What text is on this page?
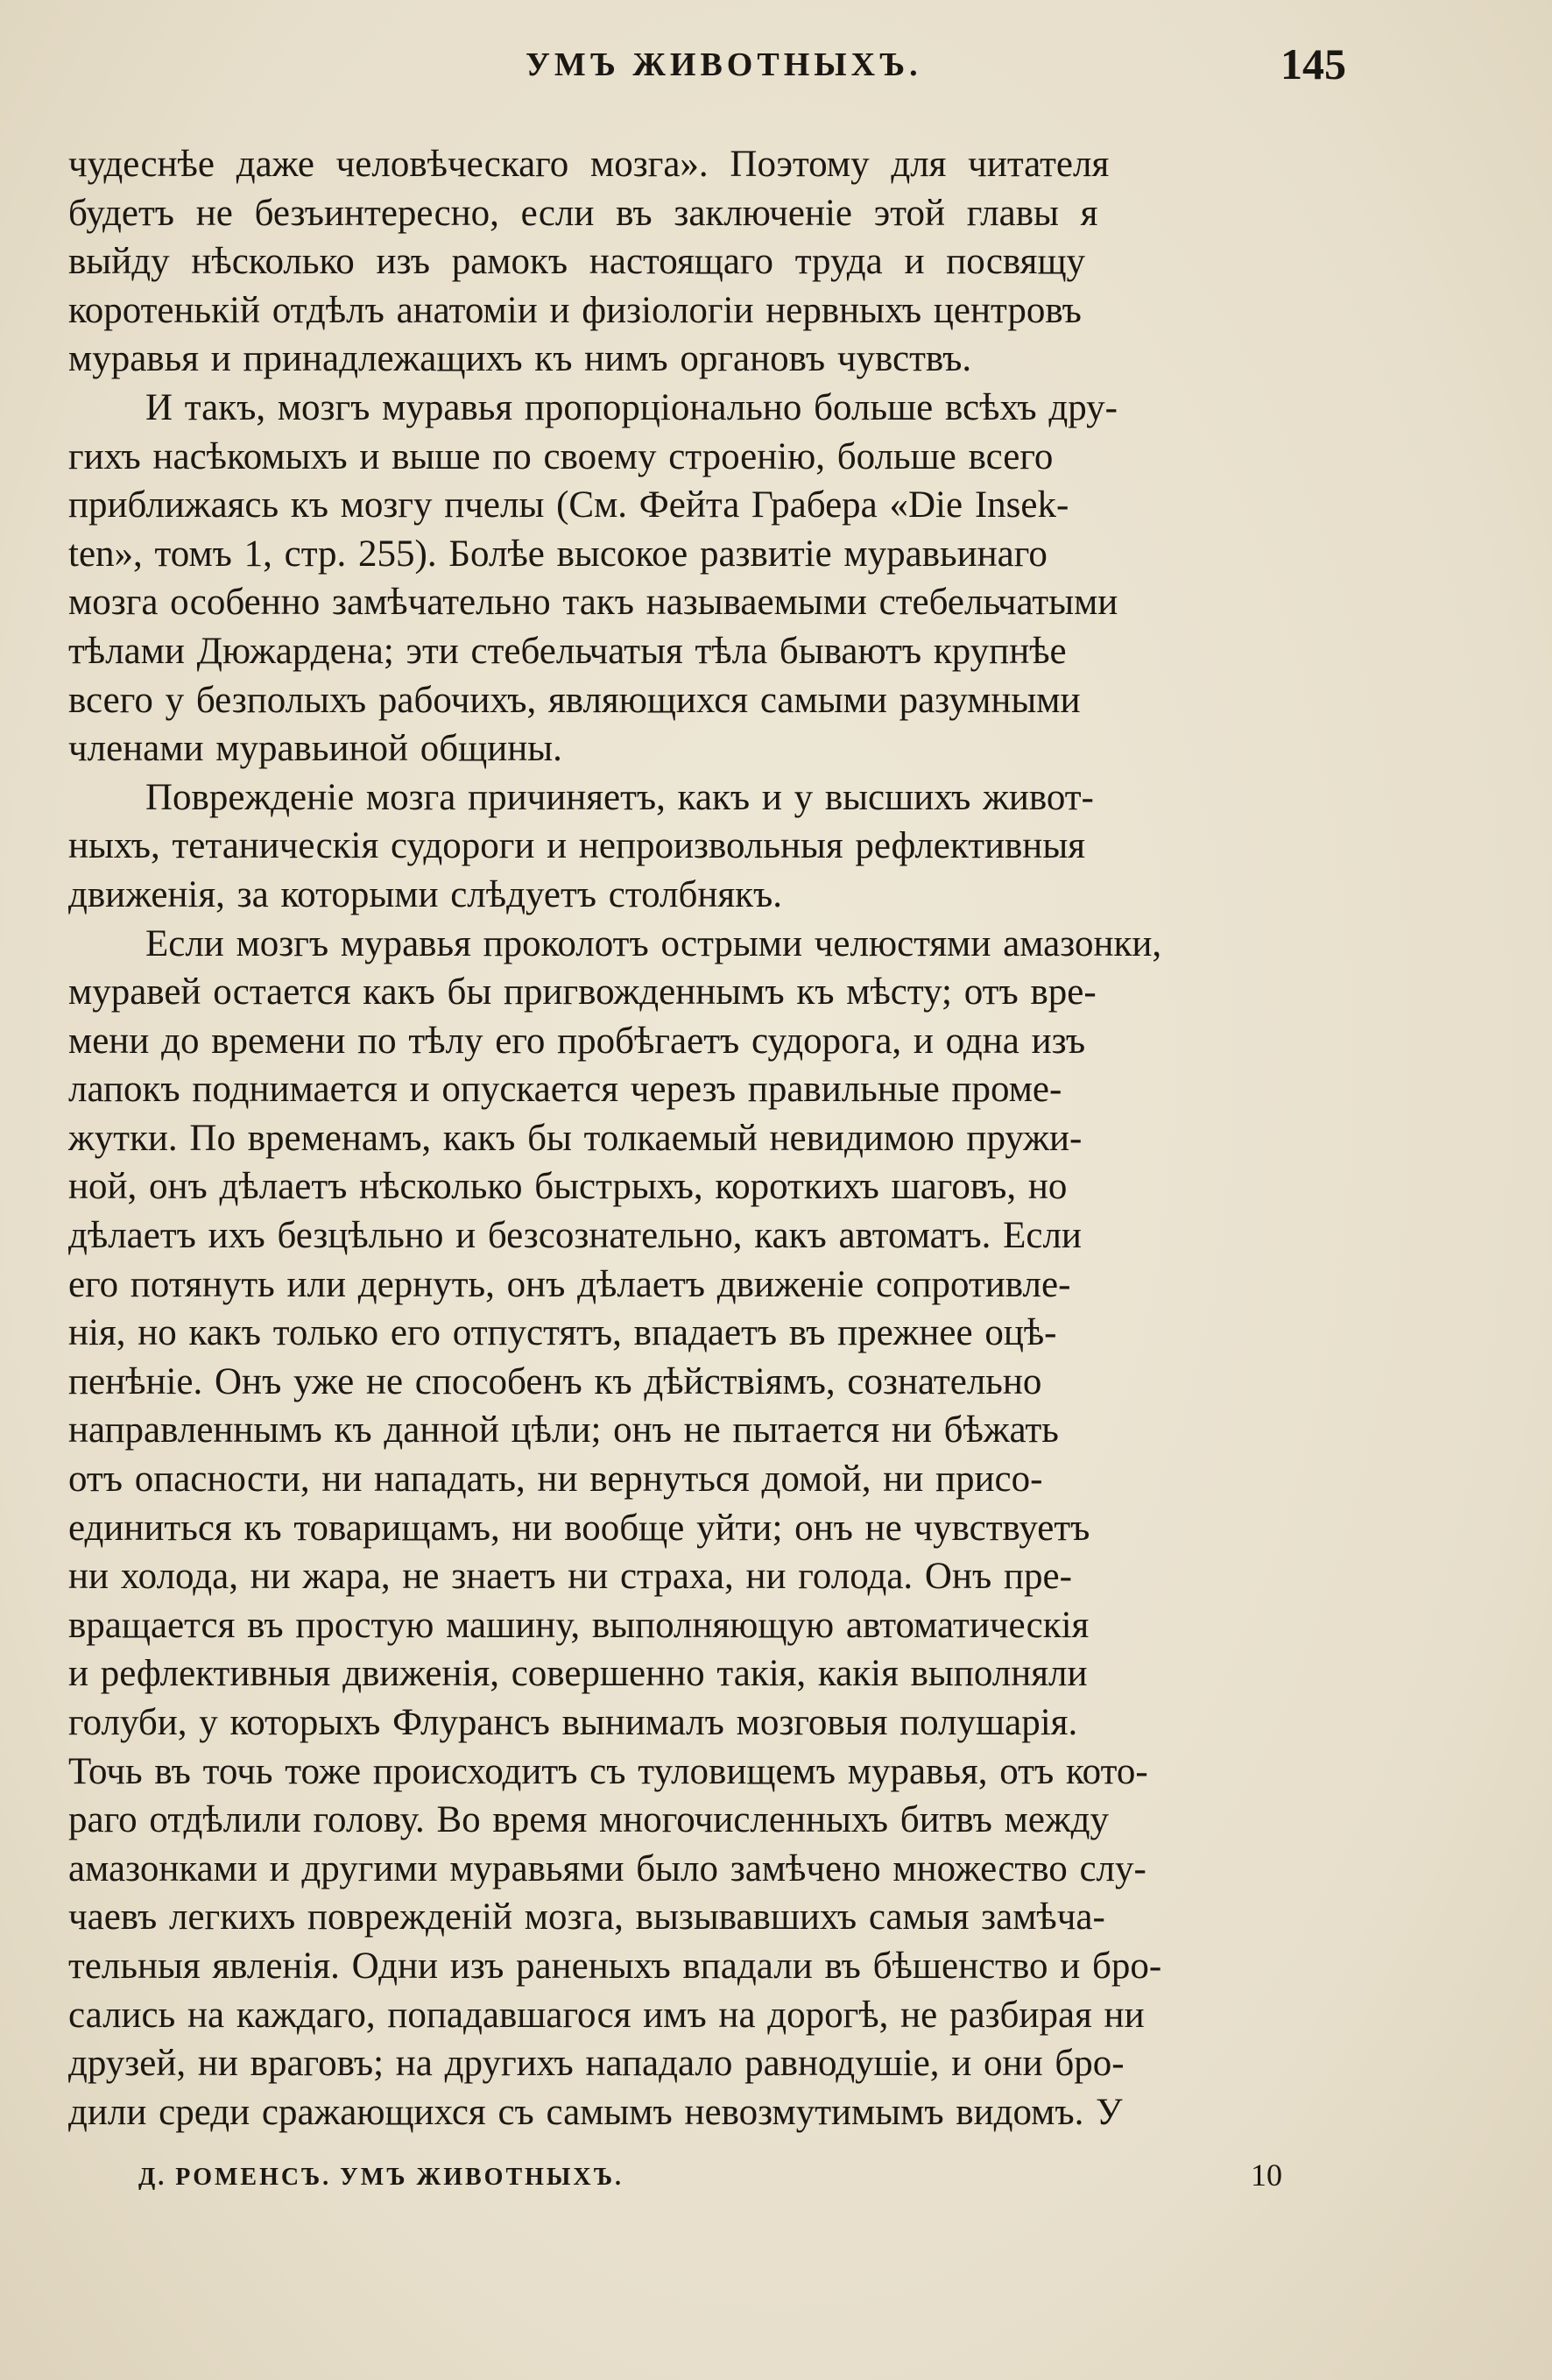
УМЪ ЖИВОТНЫХЪ.	145
чудеснѣе даже человѣческаго мозга». Поэтому для читателя
будетъ не безъинтересно, если въ заключеніе этой главы я
выйду нѣсколько изъ рамокъ настоящаго труда и посвящу
коротенькій отдѣлъ анатоміи и физіологіи нервныхъ центровъ
муравья и принадлежащихъ къ нимъ органовъ чувствъ.
И такъ, мозгъ муравья пропорціонально больше всѣхъ дру-
гихъ насѣкомыхъ и выше по своему строенію, больше всего
приближаясь къ мозгу пчелы (См. Фейта Грабера «Die Insek-
ten», томъ 1, стр. 255). Болѣе высокое развитіе муравьинаго
мозга особенно замѣчательно такъ называемыми стебельчатыми
тѣлами Дюжардена; эти стебельчатыя тѣла бываютъ крупнѣе
всего у безполыхъ рабочихъ, являющихся самыми разумными
членами муравьиной общины.
Поврежденіе мозга причиняетъ, какъ и у высшихъ живот-
ныхъ, тетаническія судороги и непроизвольныя рефлективныя
движенія, за которыми слѣдуетъ столбнякъ.
Если мозгъ муравья проколотъ острыми челюстями амазонки,
муравей остается какъ бы пригвожденнымъ къ мѣсту; отъ вре-
мени до времени по тѣлу его пробѣгаетъ судорога, и одна изъ
лапокъ поднимается и опускается черезъ правильные проме-
жутки. По временамъ, какъ бы толкаемый невидимою пружи-
ной, онъ дѣлаетъ нѣсколько быстрыхъ, короткихъ шаговъ, но
дѣлаетъ ихъ безцѣльно и безсознательно, какъ автоматъ. Если
его потянуть или дернуть, онъ дѣлаетъ движеніе сопротивле-
нія, но какъ только его отпустятъ, впадаетъ въ прежнее оцѣ-
пенѣніе. Онъ уже не способенъ къ дѣйствіямъ, сознательно
направленнымъ къ данной цѣли; онъ не пытается ни бѣжать
отъ опасности, ни нападать, ни вернуться домой, ни присо-
единиться къ товарищамъ, ни вообще уйти; онъ не чувствуетъ
ни холода, ни жара, не знаетъ ни страха, ни голода. Онъ пре-
вращается въ простую машину, выполняющую автоматическія
и рефлективныя движенія, совершенно такія, какія выполняли
голуби, у которыхъ Флурансъ вынималъ мозговыя полушарія.
Точь въ точь тоже происходитъ съ туловищемъ муравья, отъ кото-
раго отдѣлили голову. Во время многочисленныхъ битвъ между
амазонками и другими муравьями было замѣчено множество слу-
чаевъ легкихъ поврежденій мозга, вызывавшихъ самыя замѣча-
тельныя явленія. Одни изъ раненыхъ впадали въ бѣшенство и бро-
сались на каждаго, попадавшагося имъ на дорогѣ, не разбирая ни
друзей, ни враговъ; на другихъ нападало равнодушіе, и они бро-
дили среди сражающихся съ самымъ невозмутимымъ видомъ. У
Д. РОМЕНСЪ. УМЪ ЖИВОТНЫХЪ.	10
